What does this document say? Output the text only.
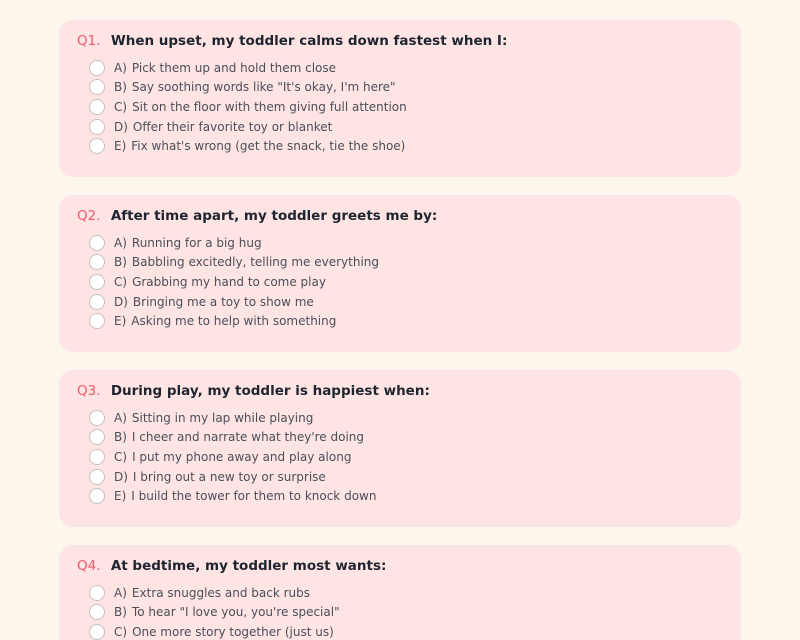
Q1. When upset, my toddler calms down fastest when I:
A) Pick them up and hold them close
B) Say soothing words like "It's okay, I'm here"
C) Sit on the floor with them giving full attention
D) Offer their favorite toy or blanket
E) Fix what's wrong (get the snack, tie the shoe)
Q2. After time apart, my toddler greets me by:
A) Running for a big hug
B) Babbling excitedly, telling me everything
C) Grabbing my hand to come play
D) Bringing me a toy to show me
E) Asking me to help with something
Q3. During play, my toddler is happiest when:
A) Sitting in my lap while playing
B) I cheer and narrate what they're doing
C) I put my phone away and play along
D) I bring out a new toy or surprise
E) I build the tower for them to knock down
Q4. At bedtime, my toddler most wants:
A) Extra snuggles and back rubs
B) To hear "I love you, you're special"
C) One more story together (just us)
